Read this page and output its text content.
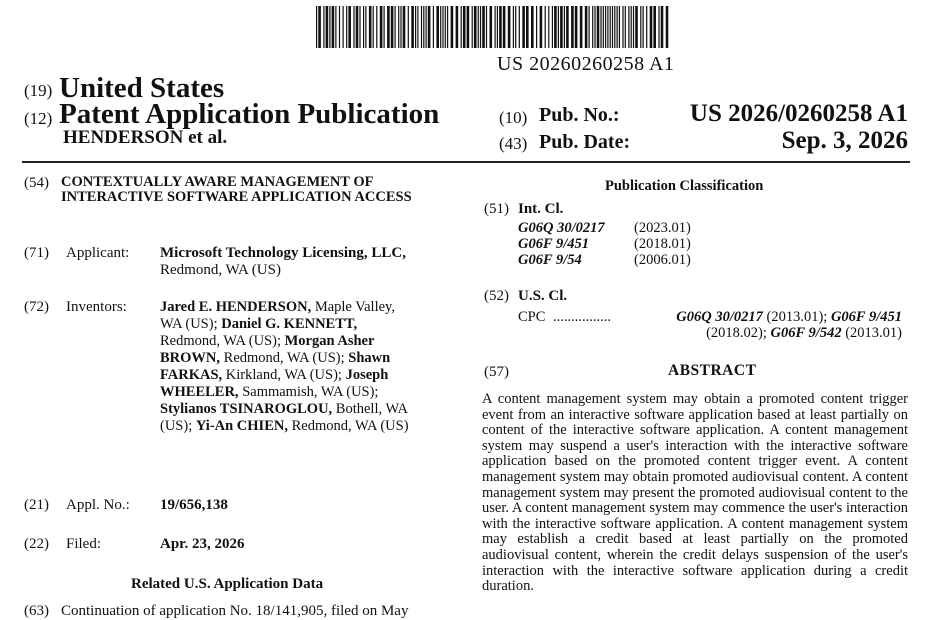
US 20260260258 A1
(19) United States
(12) Patent Application Publication
HENDERSON et al.
(10) Pub. No.:	US 2026/0260258 A1
(43) Pub. Date:	Sep. 3, 2026
(54) CONTEXTUALLY AWARE MANAGEMENT OF INTERACTIVE SOFTWARE APPLICATION ACCESS
(71) Applicant: Microsoft Technology Licensing, LLC, Redmond, WA (US)
(72) Inventors: Jared E. HENDERSON, Maple Valley, WA (US); Daniel G. KENNETT, Redmond, WA (US); Morgan Asher BROWN, Redmond, WA (US); Shawn FARKAS, Kirkland, WA (US); Joseph WHEELER, Sammamish, WA (US); Stylianos TSINAROGLOU, Bothell, WA (US); Yi-An CHIEN, Redmond, WA (US)
(21) Appl. No.: 19/656,138
(22) Filed:	Apr. 23, 2026
Related U.S. Application Data
(63) Continuation of application No. 18/141,905, filed on May
Publication Classification
(51) Int. Cl.
G06Q 30/0217	(2023.01)
G06F 9/451	(2018.01)
G06F 9/54	(2006.01)
(52) U.S. Cl.
CPC ................	G06Q 30/0217 (2013.01); G06F 9/451 (2018.02); G06F 9/542 (2013.01)
(57)	ABSTRACT
A content management system may obtain a promoted content trigger event from an interactive software application based at least partially on content of the interactive software application. A content management system may suspend a user's interaction with the interactive software application based on the promoted content trigger event. A content management system may obtain promoted audiovisual content. A content management system may present the promoted audiovisual content to the user. A content management system may commence the user's interaction with the interactive software application. A content management system may establish a credit based at least partially on the promoted audiovisual content, wherein the credit delays suspension of the user's interaction with the interactive software application during a credit duration.
